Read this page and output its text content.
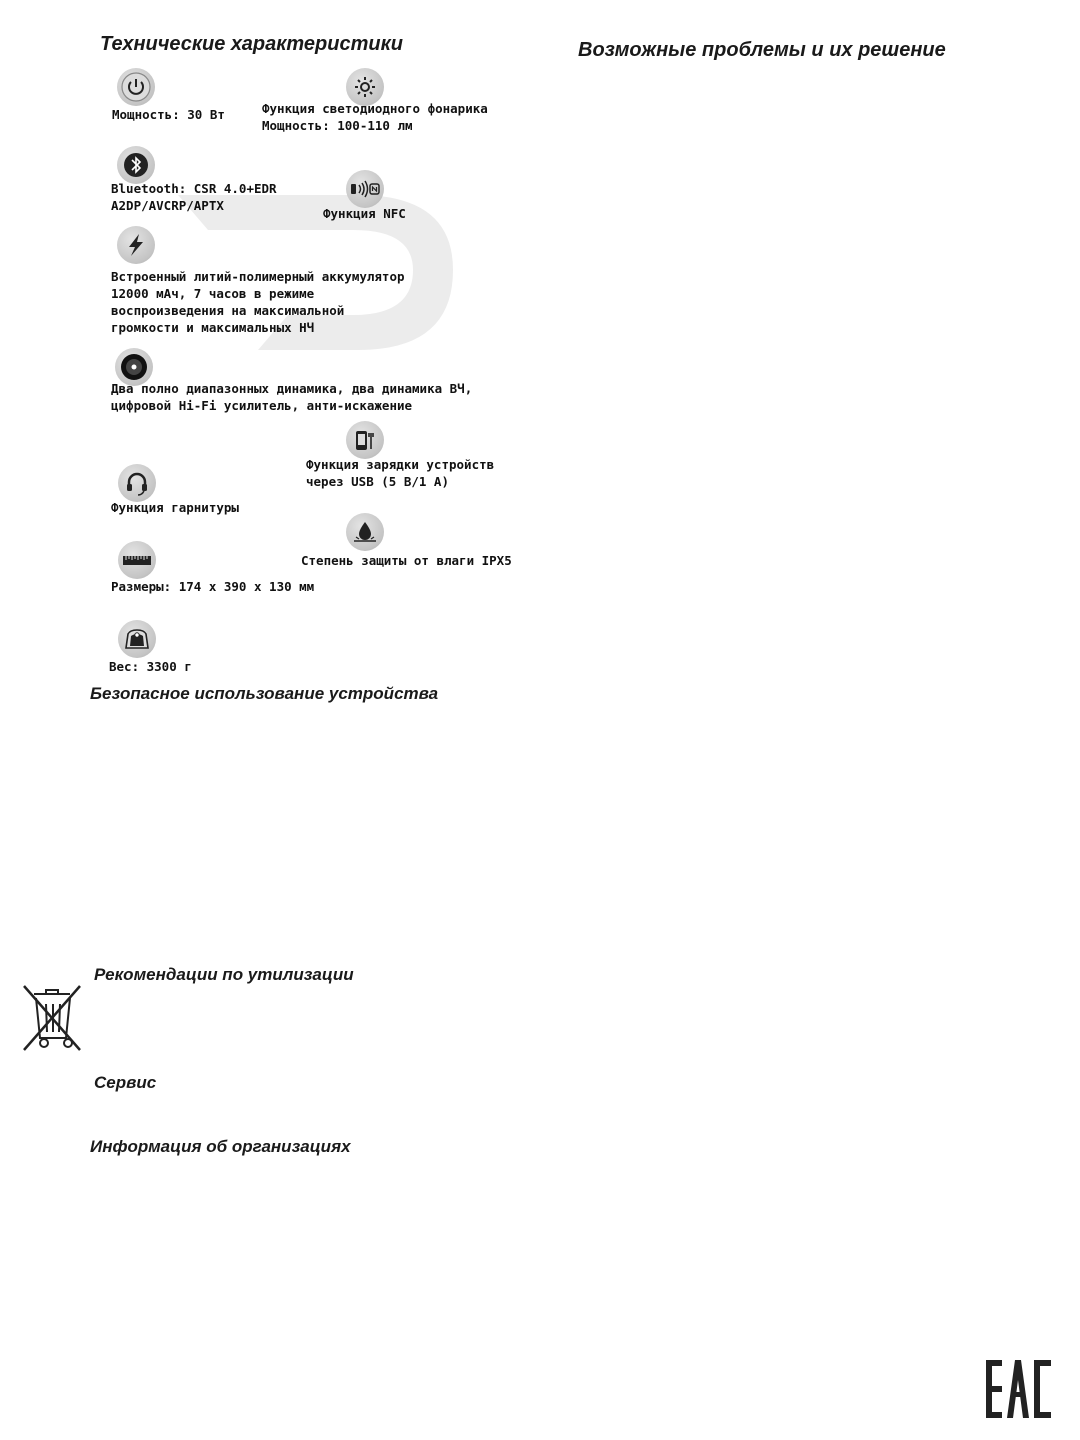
Технические характеристики	Возможные проблемы и их решение
Мощность: 30 Вт	Функция светодиодного фонарика
Мощность: 100-110 лм
Bluetooth: CSR 4.0+EDR
A2DP/AVCRP/APTX
Функция NFC
Встроенный литий-полимерный аккумулятор
12000 мАч, 7 часов в режиме
воспроизведения на максимальной
громкости и максимальных НЧ
Два полно диапазонных динамика, два динамика ВЧ,
цифровой Hi-Fi усилитель, анти-искажение
Функция зарядки устройств
через USB (5 В/1 А)
Функция гарнитуры
Степень защиты от влаги IPX5
Размеры: 174 x 390 x 130 мм
Вес: 3300 г
Безопасное использование устройства
Рекомендации по утилизации
Сервис
Информация об организациях
